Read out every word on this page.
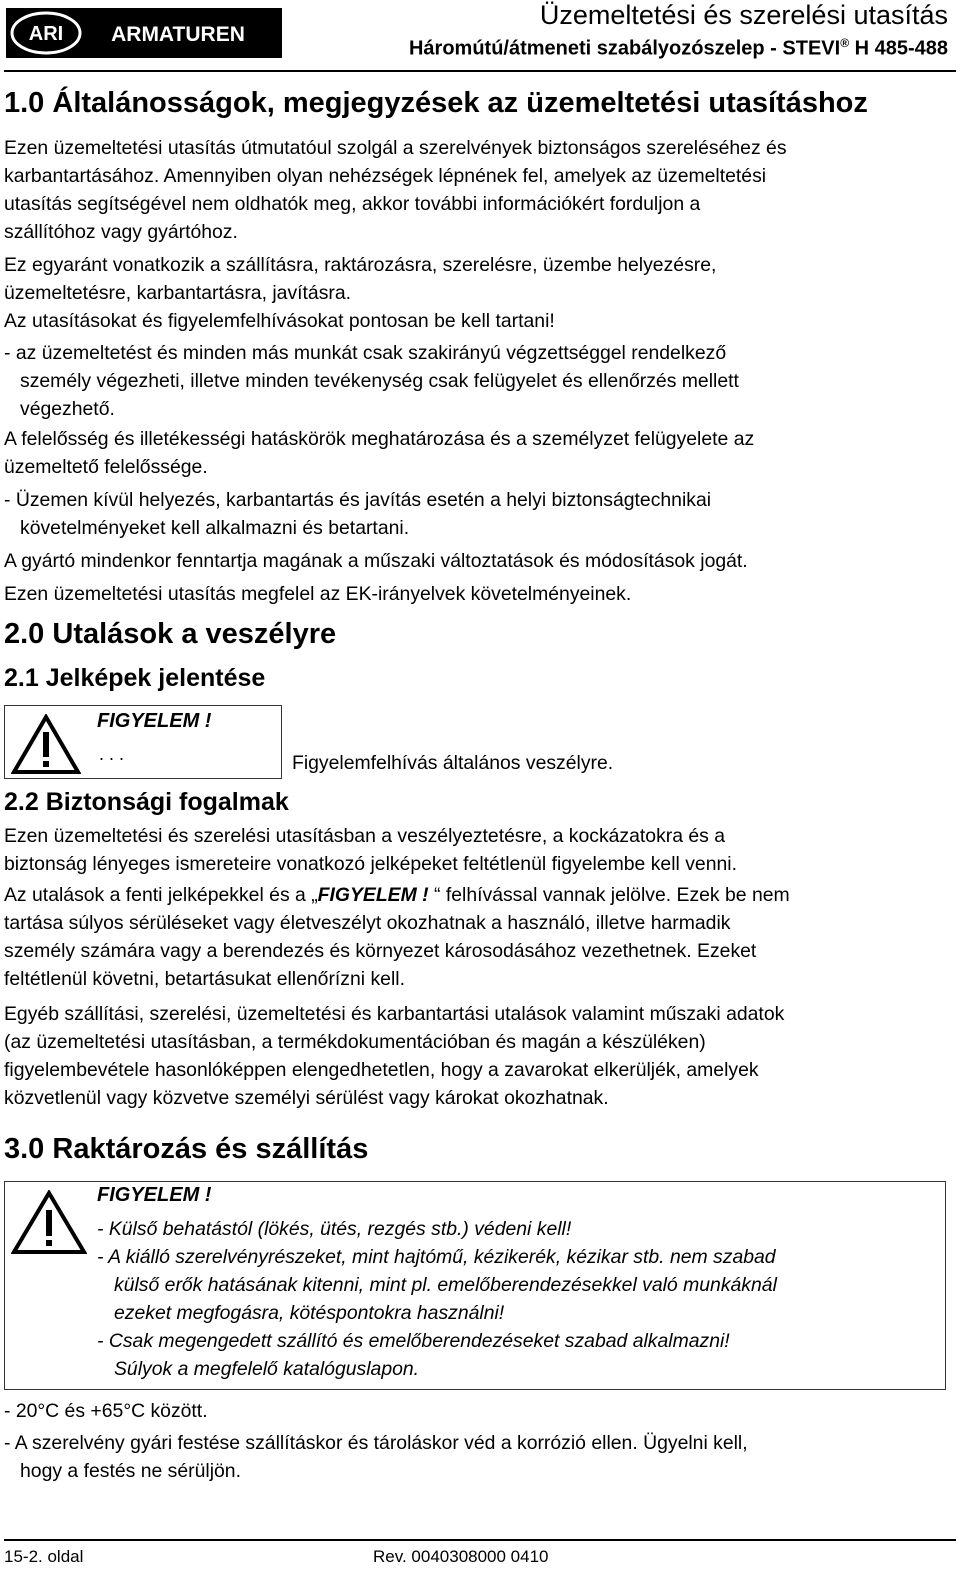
ARI ARMATUREN
Üzemeltetési és szerelési utasítás
Háromútú/átmeneti szabályozószelep - STEVI® H 485-488
1.0 Általánosságok, megjegyzések az üzemeltetési utasításhoz
Ezen üzemeltetési utasítás útmutatóul szolgál a szerelvények biztonságos szereléséhez és
karbantartásához. Amennyiben olyan nehézségek lépnének fel, amelyek az üzemeltetési
utasítás segítségével nem oldhatók meg, akkor további információkért forduljon a
szállítóhoz vagy gyártóhoz.
Ez egyaránt vonatkozik a szállításra, raktározásra, szerelésre, üzembe helyezésre,
üzemeltetésre, karbantartásra, javításra.
Az utasításokat és figyelemfelhívásokat pontosan be kell tartani!
- az üzemeltetést és minden más munkát csak szakirányú végzettséggel rendelkező
személy végezheti, illetve minden tevékenység csak felügyelet és ellenőrzés mellett
végezhető.
A felelősség és illetékességi hatáskörök meghatározása és a személyzet felügyelete az
üzemeltető felelőssége.
- Üzemen kívül helyezés, karbantartás és javítás esetén a helyi biztonságtechnikai
követelményeket kell alkalmazni és betartani.
A gyártó mindenkor fenntartja magának a műszaki változtatások és módosítások jogát.
Ezen üzemeltetési utasítás megfelel az EK-irányelvek követelményeinek.
2.0 Utalások a veszélyre
2.1 Jelképek jelentése
FIGYELEM !
. . .	Figyelemfelhívás általános veszélyre.
2.2 Biztonsági fogalmak
Ezen üzemeltetési és szerelési utasításban a veszélyeztetésre, a kockázatokra és a
biztonság lényeges ismereteire vonatkozó jelképeket feltétlenül figyelembe kell venni.
Az utalások a fenti jelképekkel és a „FIGYELEM ! “ felhívással vannak jelölve. Ezek be nem
tartása súlyos sérüléseket vagy életveszélyt okozhatnak a használó, illetve harmadik
személy számára vagy a berendezés és környezet károsodásához vezethetnek. Ezeket
feltétlenül követni, betartásukat ellenőrízni kell.
Egyéb szállítási, szerelési, üzemeltetési és karbantartási utalások valamint műszaki adatok
(az üzemeltetési utasításban, a termékdokumentációban és magán a készüléken)
figyelembevétele hasonlóképpen elengedhetetlen, hogy a zavarokat elkerüljék, amelyek
közvetlenül vagy közvetve személyi sérülést vagy károkat okozhatnak.
3.0 Raktározás és szállítás
FIGYELEM !
- Külső behatástól (lökés, ütés, rezgés stb.) védeni kell!
- A kiálló szerelvényrészeket, mint hajtómű, kézikerék, kézikar stb. nem szabad
külső erők hatásának kitenni, mint pl. emelőberendezésekkel való munkáknál
ezeket megfogásra, kötéspontokra használni!
- Csak megengedett szállító és emelőberendezéseket szabad alkalmazni!
Súlyok a megfelelő katalóguslapon.
- 20°C és +65°C között.
- A szerelvény gyári festése szállításkor és tároláskor véd a korrózió ellen. Ügyelni kell,
hogy a festés ne sérüljön.
15-2. oldal	Rev. 0040308000 0410
